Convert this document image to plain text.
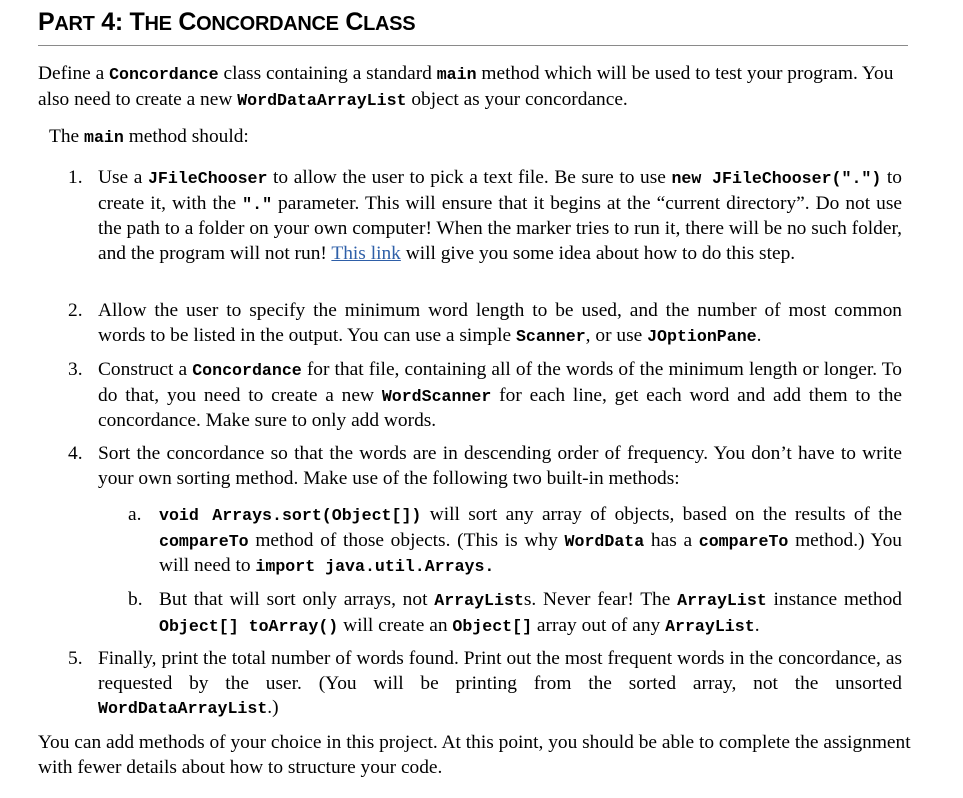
PART 4: THE CONCORDANCE CLASS
Define a Concordance class containing a standard main method which will be used to test your program. You also need to create a new WordDataArrayList object as your concordance.
The main method should:
1. Use a JFileChooser to allow the user to pick a text file. Be sure to use new JFileChooser(".") to create it, with the "." parameter. This will ensure that it begins at the “current directory”. Do not use the path to a folder on your own computer! When the marker tries to run it, there will be no such folder, and the program will not run! This link will give you some idea about how to do this step.
2. Allow the user to specify the minimum word length to be used, and the number of most common words to be listed in the output. You can use a simple Scanner, or use JOptionPane.
3. Construct a Concordance for that file, containing all of the words of the minimum length or longer. To do that, you need to create a new WordScanner for each line, get each word and add them to the concordance. Make sure to only add words.
4. Sort the concordance so that the words are in descending order of frequency. You don’t have to write your own sorting method. Make use of the following two built-in methods:
a. void Arrays.sort(Object[]) will sort any array of objects, based on the results of the compareTo method of those objects. (This is why WordData has a compareTo method.) You will need to import java.util.Arrays.
b. But that will sort only arrays, not ArrayLists. Never fear! The ArrayList instance method Object[] toArray() will create an Object[] array out of any ArrayList.
5. Finally, print the total number of words found. Print out the most frequent words in the concordance, as requested by the user. (You will be printing from the sorted array, not the unsorted WordDataArrayList.)
You can add methods of your choice in this project. At this point, you should be able to complete the assignment with fewer details about how to structure your code.
